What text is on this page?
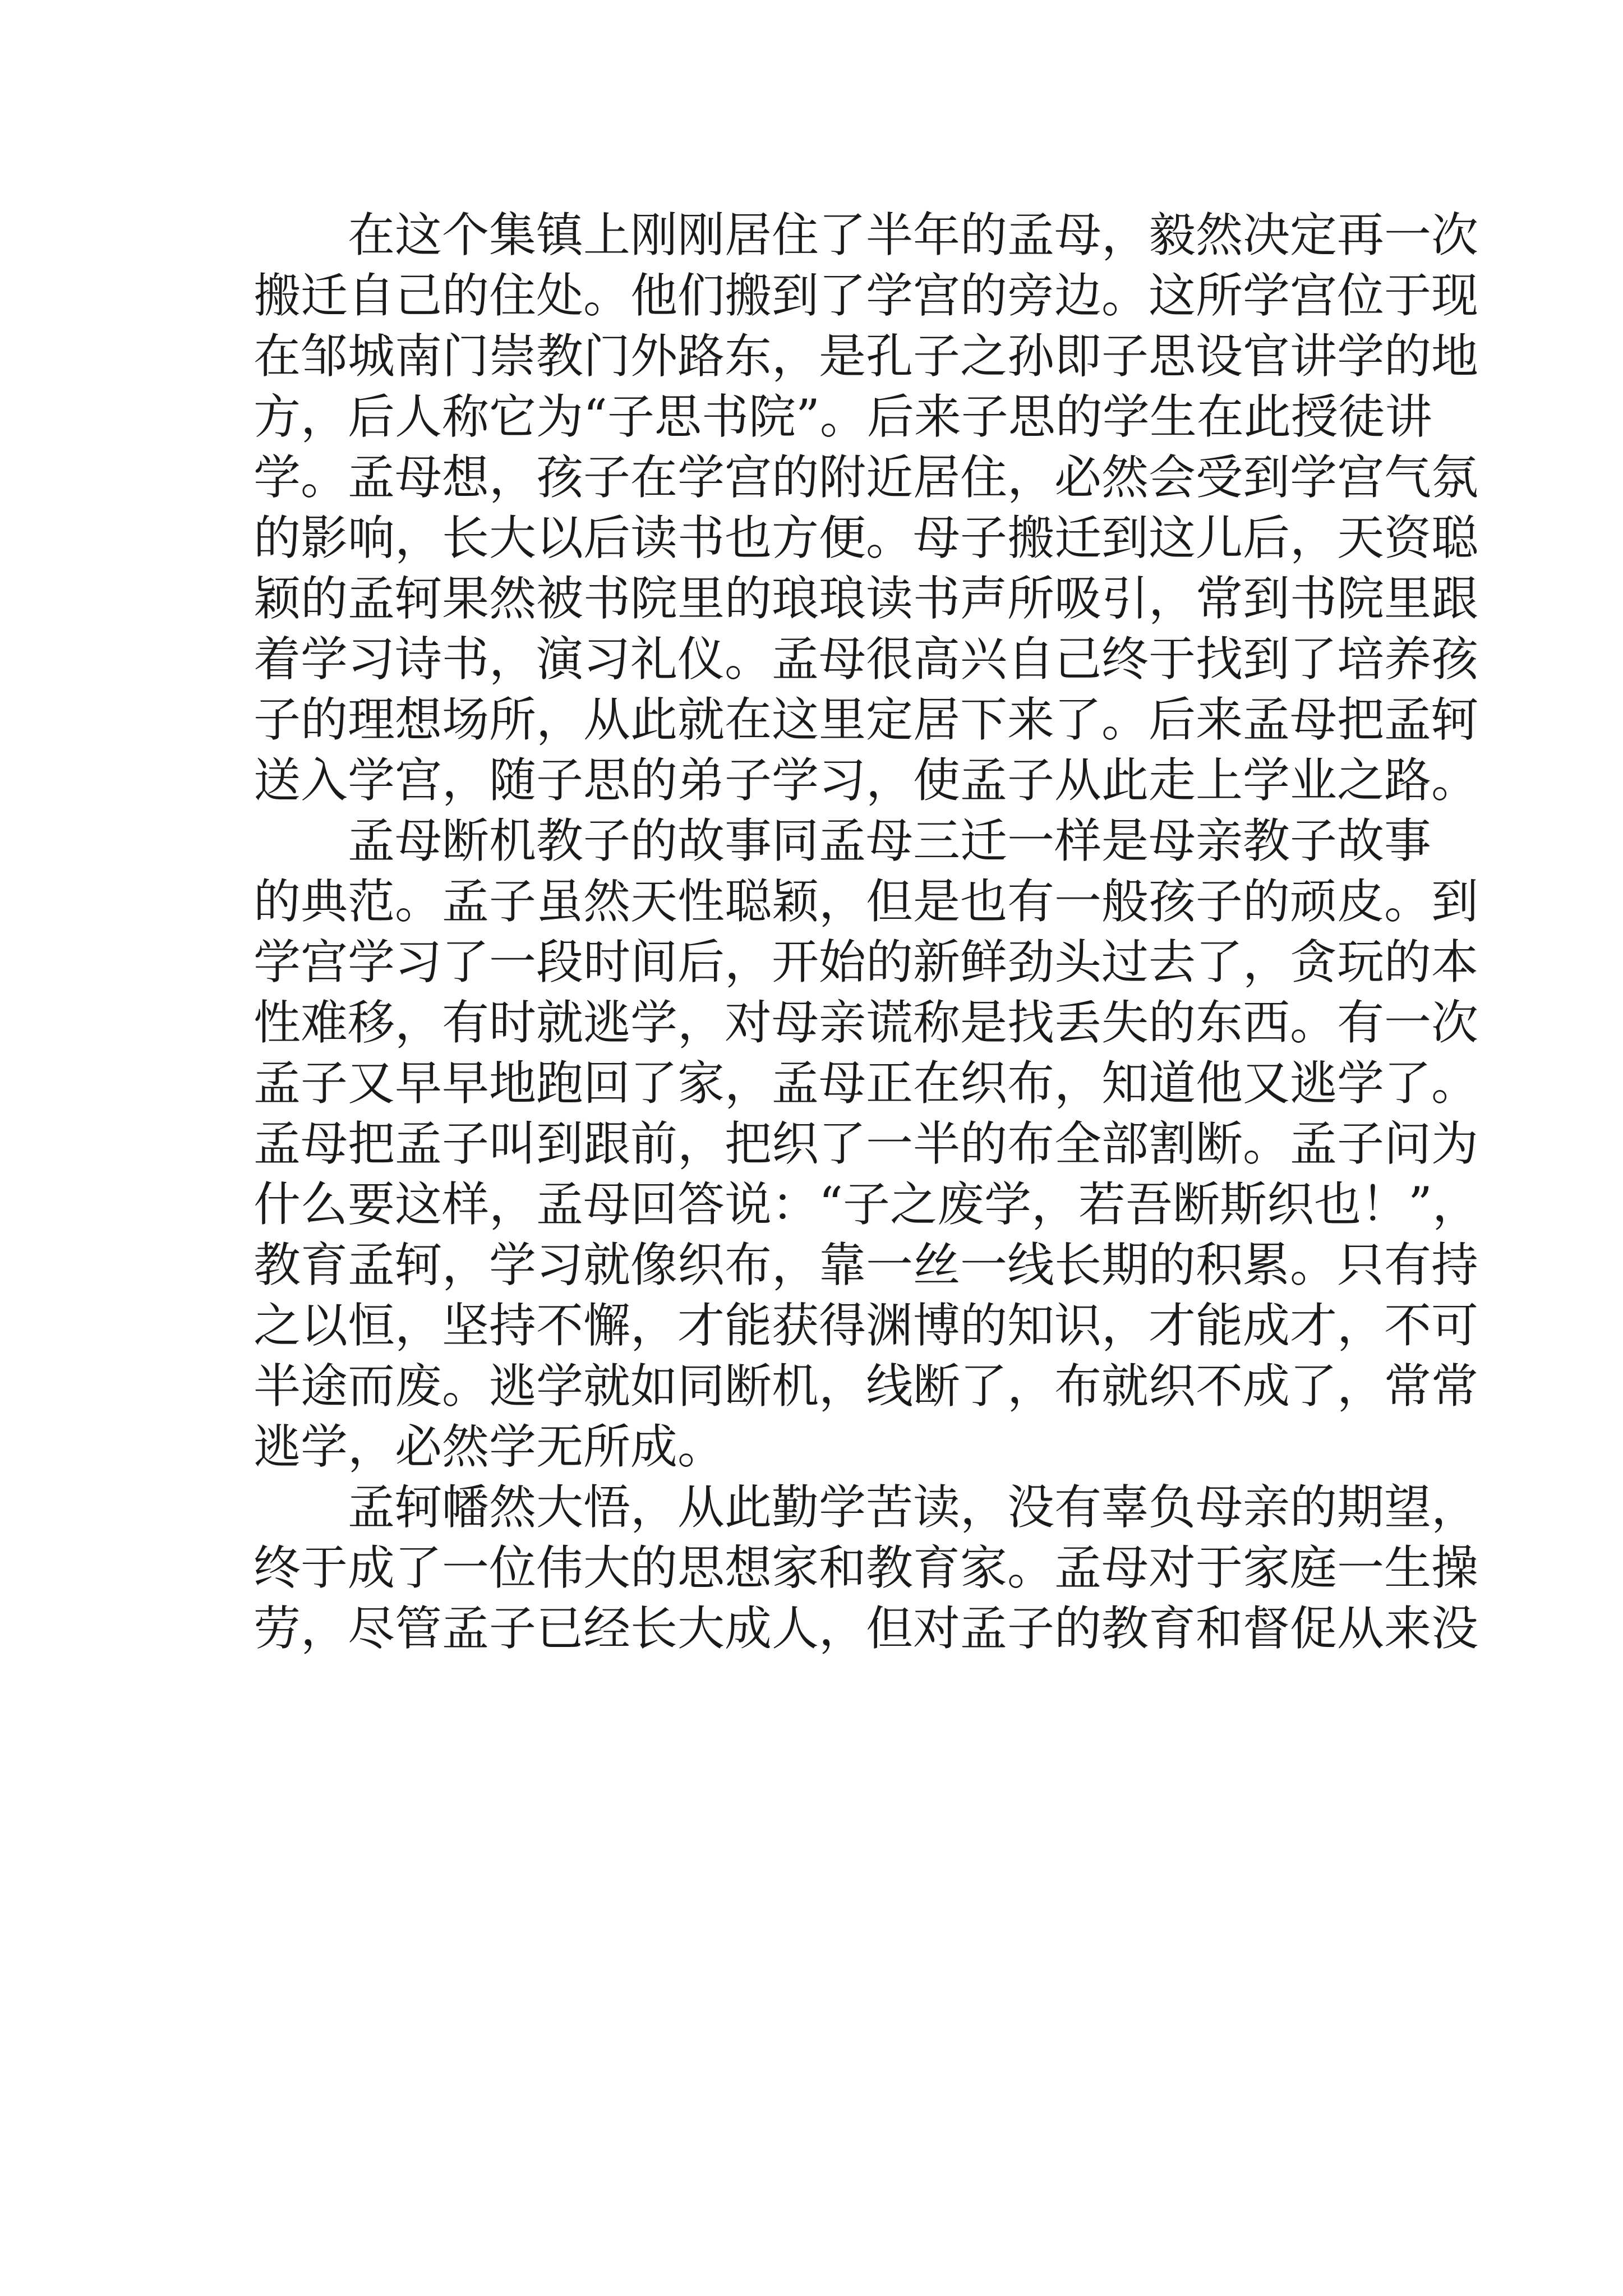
　　在这个集镇上刚刚居住了半年的孟母，毅然决定再一次
搬迁自己的住处。他们搬到了学宫的旁边。这所学宫位于现
在邹城南门崇教门外路东，是孔子之孙即子思设官讲学的地
方，后人称它为“子思书院”。后来子思的学生在此授徒讲
学。孟母想，孩子在学宫的附近居住，必然会受到学宫气氛
的影响，长大以后读书也方便。母子搬迁到这儿后，天资聪
颖的孟轲果然被书院里的琅琅读书声所吸引，常到书院里跟
着学习诗书，演习礼仪。孟母很高兴自己终于找到了培养孩
子的理想场所，从此就在这里定居下来了。后来孟母把孟轲
送入学宫，随子思的弟子学习，使孟子从此走上学业之路。
　　孟母断机教子的故事同孟母三迁一样是母亲教子故事
的典范。孟子虽然天性聪颖，但是也有一般孩子的顽皮。到
学宫学习了一段时间后，开始的新鲜劲头过去了，贪玩的本
性难移，有时就逃学，对母亲谎称是找丢失的东西。有一次
孟子又早早地跑回了家，孟母正在织布，知道他又逃学了。
孟母把孟子叫到跟前，把织了一半的布全部割断。孟子问为
什么要这样，孟母回答说：“子之废学，若吾断斯织也！”，
教育孟轲，学习就像织布，靠一丝一线长期的积累。只有持
之以恒，坚持不懈，才能获得渊博的知识，才能成才，不可
半途而废。逃学就如同断机，线断了，布就织不成了，常常
逃学，必然学无所成。
　　孟轲幡然大悟，从此勤学苦读，没有辜负母亲的期望，
终于成了一位伟大的思想家和教育家。孟母对于家庭一生操
劳，尽管孟子已经长大成人，但对孟子的教育和督促从来没
